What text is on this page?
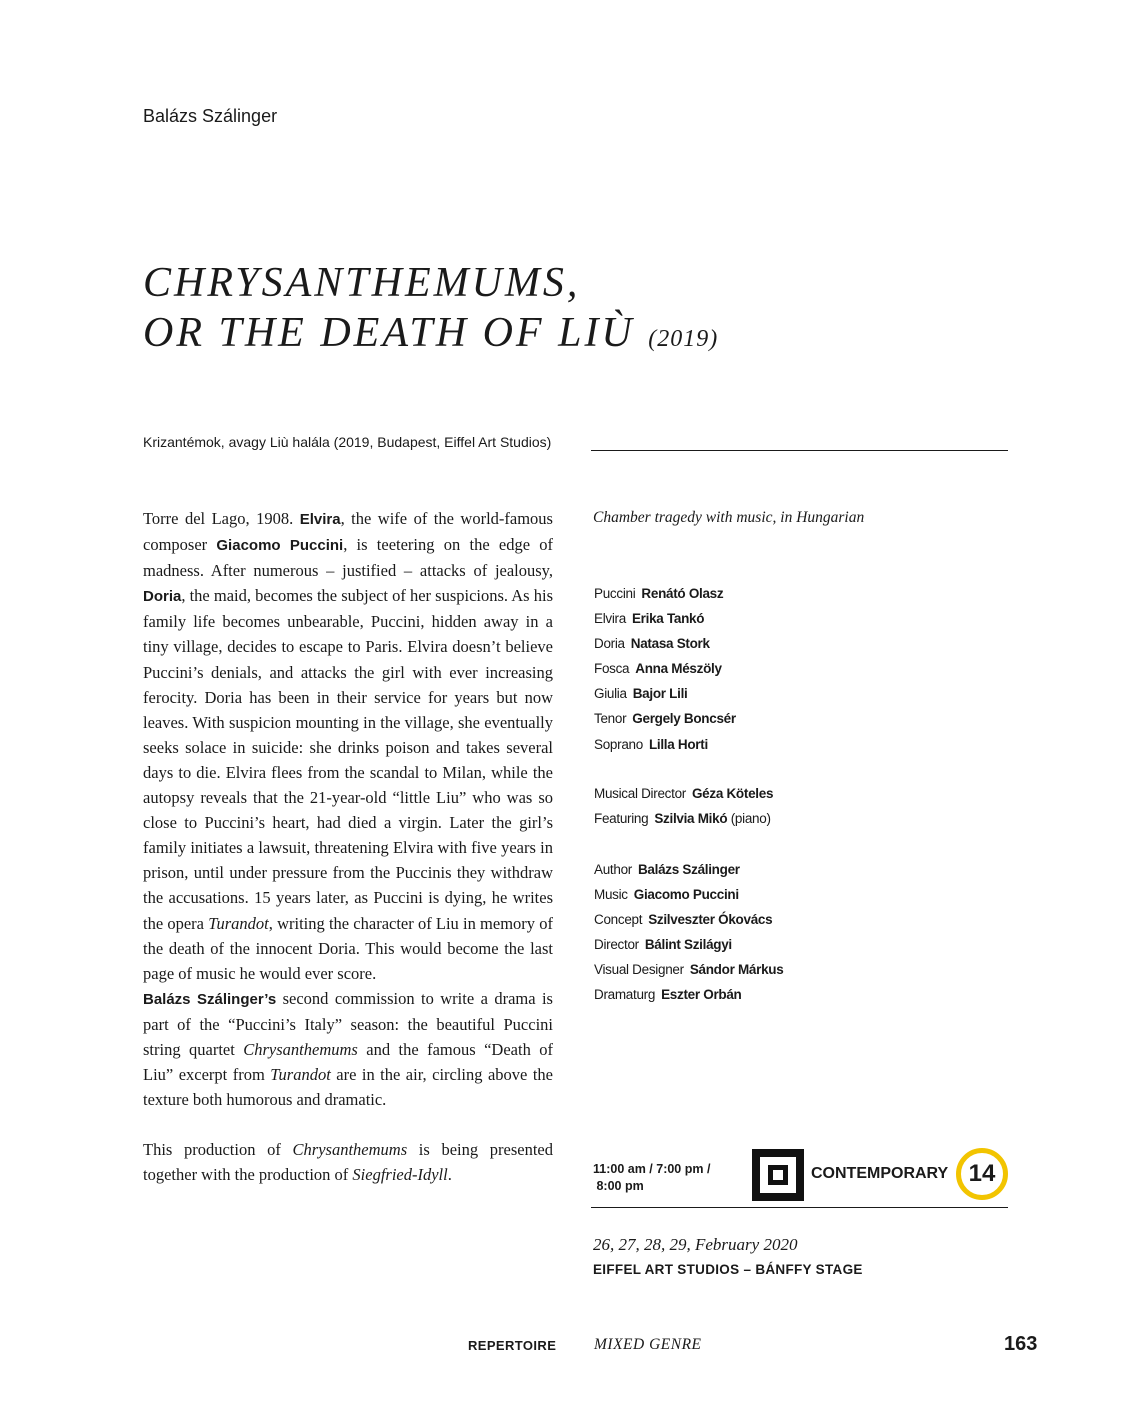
Balázs Szálinger
CHRYSANTHEMUMS,
OR THE DEATH OF LIÙ (2019)
Krizantémok, avagy Liù halála (2019, Budapest, Eiffel Art Studios)

Torre del Lago, 1908. Elvira, the wife of the world-famous composer Giacomo Puccini, is teetering on the edge of madness. After numerous – justified – attacks of jealousy, Doria, the maid, becomes the subject of her suspicions. As his family life becomes unbearable, Puccini, hidden away in a tiny village, decides to escape to Paris. Elvira doesn’t believe Puccini’s denials, and attacks the girl with ever increasing ferocity. Doria has been in their service for years but now leaves. With suspicion mounting in the village, she eventually seeks solace in suicide: she drinks poison and takes several days to die. Elvira flees from the scandal to Milan, while the autopsy reveals that the 21-year-old “little Liu” who was so close to Puccini’s heart, had died a virgin. Later the girl’s family initiates a lawsuit, threatening Elvira with five years in prison, until under pressure from the Puccinis they withdraw the accusations. 15 years later, as Puccini is dying, he writes the opera Turandot, writing the character of Liu in memory of the death of the innocent Doria. This would become the last page of music he would ever score.

Balázs Szálinger’s second commission to write a drama is part of the “Puccini’s Italy” season: the beautiful Puccini string quartet Chrysanthemums and the famous “Death of Liu” excerpt from Turandot are in the air, circling above the texture both humorous and dramatic.

This production of Chrysanthemums is being presented together with the production of Siegfried-Idyll.

Chamber tragedy with music, in Hungarian
Puccini Renátó Olasz
Elvira Erika Tankó
Doria Natasa Stork
Fosca Anna Mészöly
Giulia Bajor Lili
Tenor Gergely Boncsér
Soprano Lilla Horti
Musical Director Géza Köteles
Featuring Szilvia Mikó (piano)
Author Balázs Szálinger
Music Giacomo Puccini
Concept Szilveszter Ókovács
Director Bálint Szilágyi
Visual Designer Sándor Márkus
Dramaturg Eszter Orbán
11:00 am / 7:00 pm /
8:00 pm
CONTEMPORARY 14
26, 27, 28, 29, February 2020
EIFFEL ART STUDIOS – BÁNFFY STAGE
REPERTOIRE MIXED GENRE	163
